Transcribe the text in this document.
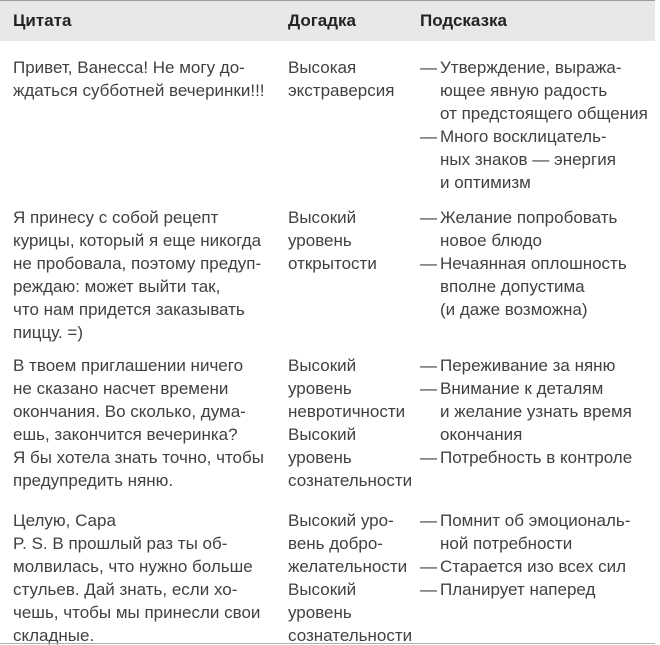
Цитата	Догадка	Подсказка
Привет, Ванесса! Не могу до-
ждаться субботней вечеринки!!!
Высокая
экстраверсия
— Утверждение, выража-
ющее явную радость
от предстоящего общения
— Много восклицатель-
ных знаков — энергия
и оптимизм
Я принесу с собой рецепт
курицы, который я еще никогда
не пробовала, поэтому предуп-
реждаю: может выйти так,
что нам придется заказывать
пиццу. =)
Высокий
уровень
открытости
— Желание попробовать
новое блюдо
— Нечаянная оплошность
вполне допустима
(и даже возможна)
В твоем приглашении ничего
не сказано насчет времени
окончания. Во сколько, дума-
ешь, закончится вечеринка?
Я бы хотела знать точно, чтобы
предупредить няню.
Высокий
уровень
невротичности
Высокий
уровень
сознательности
— Переживание за няню
— Внимание к деталям
и желание узнать время
окончания
— Потребность в контроле
Целую, Сара
P. S. В прошлый раз ты об-
молвилась, что нужно больше
стульев. Дай знать, если хо-
чешь, чтобы мы принесли свои
складные.
Высокий уро-
вень добро-
желательности
Высокий
уровень
сознательности
— Помнит об эмоциональ-
ной потребности
— Старается изо всех сил
— Планирует наперед
